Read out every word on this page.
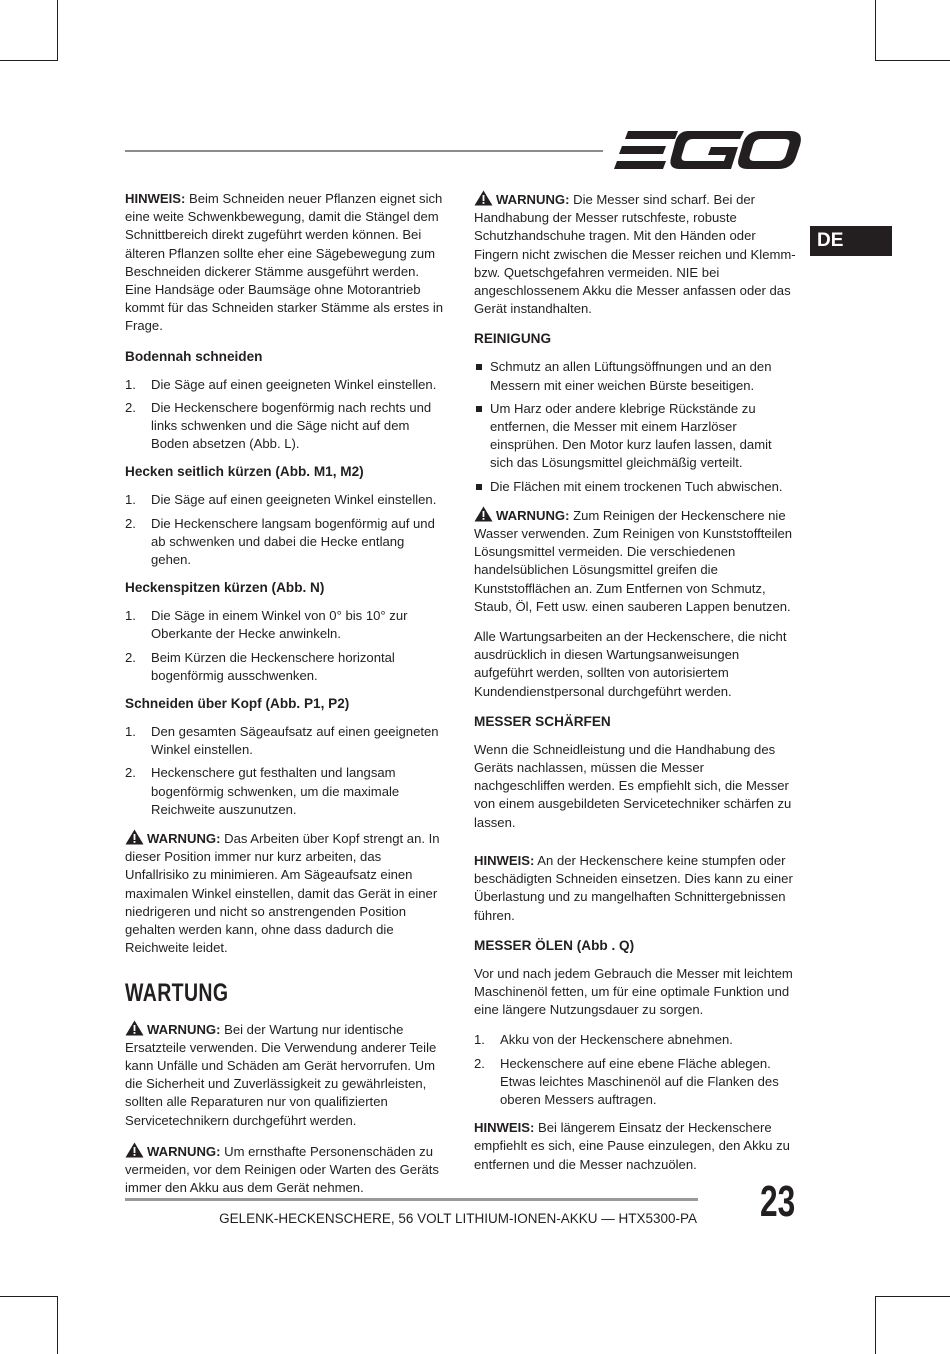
DE

HINWEIS: Beim Schneiden neuer Pflanzen eignet sich eine weite Schwenkbewegung, damit die Stängel dem Schnittbereich direkt zugeführt werden können. Bei älteren Pflanzen sollte eher eine Sägebewegung zum Beschneiden dickerer Stämme ausgeführt werden. Eine Handsäge oder Baumsäge ohne Motorantrieb kommt für das Schneiden starker Stämme als erstes in Frage.

Bodennah schneiden
1. Die Säge auf einen geeigneten Winkel einstellen.
2. Die Heckenschere bogenförmig nach rechts und links schwenken und die Säge nicht auf dem Boden absetzen (Abb. L).
Hecken seitlich kürzen (Abb. M1, M2)
1. Die Säge auf einen geeigneten Winkel einstellen.
2. Die Heckenschere langsam bogenförmig auf und ab schwenken und dabei die Hecke entlang gehen.
Heckenspitzen kürzen (Abb. N)
1. Die Säge in einem Winkel von 0° bis 10° zur Oberkante der Hecke anwinkeln.
2. Beim Kürzen die Heckenschere horizontal bogenförmig ausschwenken.
Schneiden über Kopf (Abb. P1, P2)
1. Den gesamten Sägeaufsatz auf einen geeigneten Winkel einstellen.
2. Heckenschere gut festhalten und langsam bogenförmig schwenken, um die maximale Reichweite auszunutzen.

WARNUNG: Das Arbeiten über Kopf strengt an. In dieser Position immer nur kurz arbeiten, das Unfallrisiko zu minimieren. Am Sägeaufsatz einen maximalen Winkel einstellen, damit das Gerät in einer niedrigeren und nicht so anstrengenden Position gehalten werden kann, ohne dass dadurch die Reichweite leidet.

WARTUNG

WARNUNG: Bei der Wartung nur identische Ersatzteile verwenden. Die Verwendung anderer Teile kann Unfälle und Schäden am Gerät hervorrufen. Um die Sicherheit und Zuverlässigkeit zu gewährleisten, sollten alle Reparaturen nur von qualifizierten Servicetechnikern durchgeführt werden.

WARNUNG: Um ernsthafte Personenschäden zu vermeiden, vor dem Reinigen oder Warten des Geräts immer den Akku aus dem Gerät nehmen.

WARNUNG: Die Messer sind scharf. Bei der Handhabung der Messer rutschfeste, robuste Schutzhandschuhe tragen. Mit den Händen oder Fingern nicht zwischen die Messer reichen und Klemm- bzw. Quetschgefahren vermeiden. NIE bei angeschlossenem Akku die Messer anfassen oder das Gerät instandhalten.

REINIGUNG
Schmutz an allen Lüftungsöffnungen und an den Messern mit einer weichen Bürste beseitigen.
Um Harz oder andere klebrige Rückstände zu entfernen, die Messer mit einem Harzlöser einsprühen. Den Motor kurz laufen lassen, damit sich das Lösungsmittel gleichmäßig verteilt.
Die Flächen mit einem trockenen Tuch abwischen.

WARNUNG: Zum Reinigen der Heckenschere nie Wasser verwenden. Zum Reinigen von Kunststoffteilen Lösungsmittel vermeiden. Die verschiedenen handelsüblichen Lösungsmittel greifen die Kunststofflächen an. Zum Entfernen von Schmutz, Staub, Öl, Fett usw. einen sauberen Lappen benutzen.

Alle Wartungsarbeiten an der Heckenschere, die nicht ausdrücklich in diesen Wartungsanweisungen aufgeführt werden, sollten von autorisiertem Kundendienstpersonal durchgeführt werden.

MESSER SCHÄRFEN

Wenn die Schneidleistung und die Handhabung des Geräts nachlassen, müssen die Messer nachgeschliffen werden. Es empfiehlt sich, die Messer von einem ausgebildeten Servicetechniker schärfen zu lassen.

HINWEIS: An der Heckenschere keine stumpfen oder beschädigten Schneiden einsetzen. Dies kann zu einer Überlastung und zu mangelhaften Schnittergebnissen führen.

MESSER ÖLEN (Abb . Q)

Vor und nach jedem Gebrauch die Messer mit leichtem Maschinenöl fetten, um für eine optimale Funktion und eine längere Nutzungsdauer zu sorgen.

1. Akku von der Heckenschere abnehmen.
2. Heckenschere auf eine ebene Fläche ablegen. Etwas leichtes Maschinenöl auf die Flanken des oberen Messers auftragen.

HINWEIS: Bei längerem Einsatz der Heckenschere empfiehlt es sich, eine Pause einzulegen, den Akku zu entfernen und die Messer nachzuölen.

GELENK-HECKENSCHERE, 56 VOLT LITHIUM-IONEN-AKKU — HTX5300-PA 23
